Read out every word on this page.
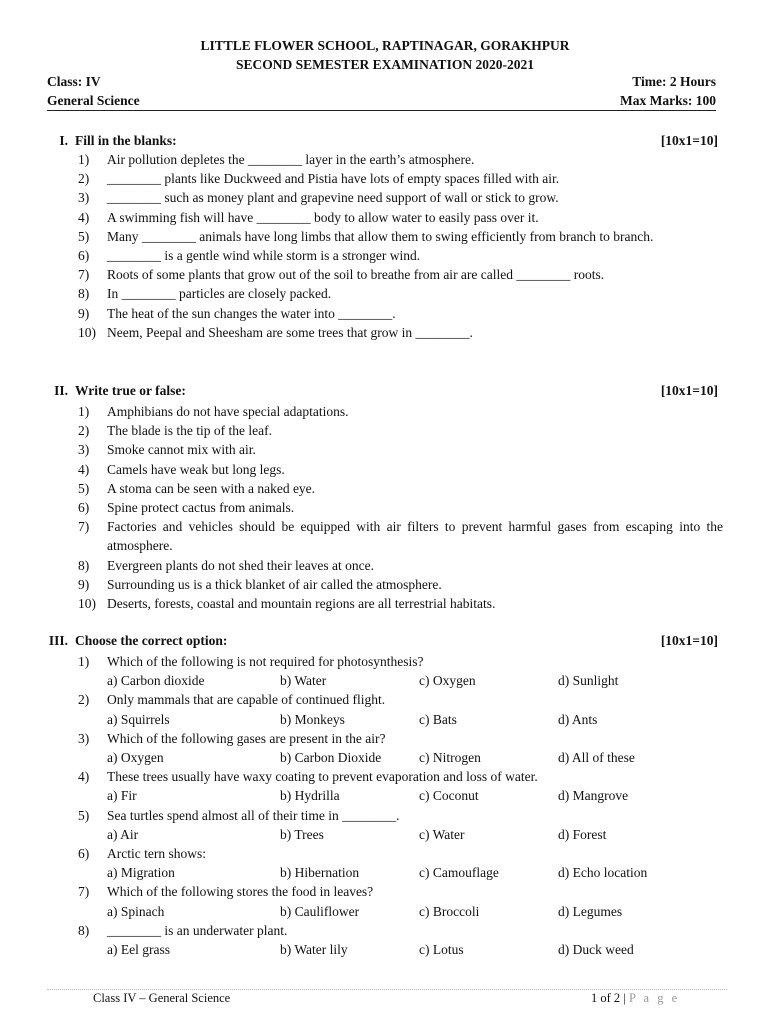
LITTLE FLOWER SCHOOL, RAPTINAGAR, GORAKHPUR
SECOND SEMESTER EXAMINATION 2020-2021
Class: IV	Time: 2 Hours
General Science	Max Marks: 100
I. Fill in the blanks:	[10x1=10]
1) Air pollution depletes the ________ layer in the earth’s atmosphere.
2) ________ plants like Duckweed and Pistia have lots of empty spaces filled with air.
3) ________ such as money plant and grapevine need support of wall or stick to grow.
4) A swimming fish will have ________ body to allow water to easily pass over it.
5) Many ________ animals have long limbs that allow them to swing efficiently from branch to branch.
6) ________ is a gentle wind while storm is a stronger wind.
7) Roots of some plants that grow out of the soil to breathe from air are called ________ roots.
8) In ________ particles are closely packed.
9) The heat of the sun changes the water into ________.
10) Neem, Peepal and Sheesham are some trees that grow in ________.
II. Write true or false:	[10x1=10]
1) Amphibians do not have special adaptations.
2) The blade is the tip of the leaf.
3) Smoke cannot mix with air.
4) Camels have weak but long legs.
5) A stoma can be seen with a naked eye.
6) Spine protect cactus from animals.
7) Factories and vehicles should be equipped with air filters to prevent harmful gases from escaping into the atmosphere.
8) Evergreen plants do not shed their leaves at once.
9) Surrounding us is a thick blanket of air called the atmosphere.
10) Deserts, forests, coastal and mountain regions are all terrestrial habitats.
III. Choose the correct option:	[10x1=10]
1) Which of the following is not required for photosynthesis?
a) Carbon dioxide	b) Water	c) Oxygen	d) Sunlight
2) Only mammals that are capable of continued flight.
a) Squirrels	b) Monkeys	c) Bats	d) Ants
3) Which of the following gases are present in the air?
a) Oxygen	b) Carbon Dioxide	c) Nitrogen	d) All of these
4) These trees usually have waxy coating to prevent evaporation and loss of water.
a) Fir	b) Hydrilla	c) Coconut	d) Mangrove
5) Sea turtles spend almost all of their time in ________.
a) Air	b) Trees	c) Water	d) Forest
6) Arctic tern shows:
a) Migration	b) Hibernation	c) Camouflage	d) Echo location
7) Which of the following stores the food in leaves?
a) Spinach	b) Cauliflower	c) Broccoli	d) Legumes
8) ________ is an underwater plant.
a) Eel grass	b) Water lily	c) Lotus	d) Duck weed
Class IV – General Science	1 of 2 | P a g e
